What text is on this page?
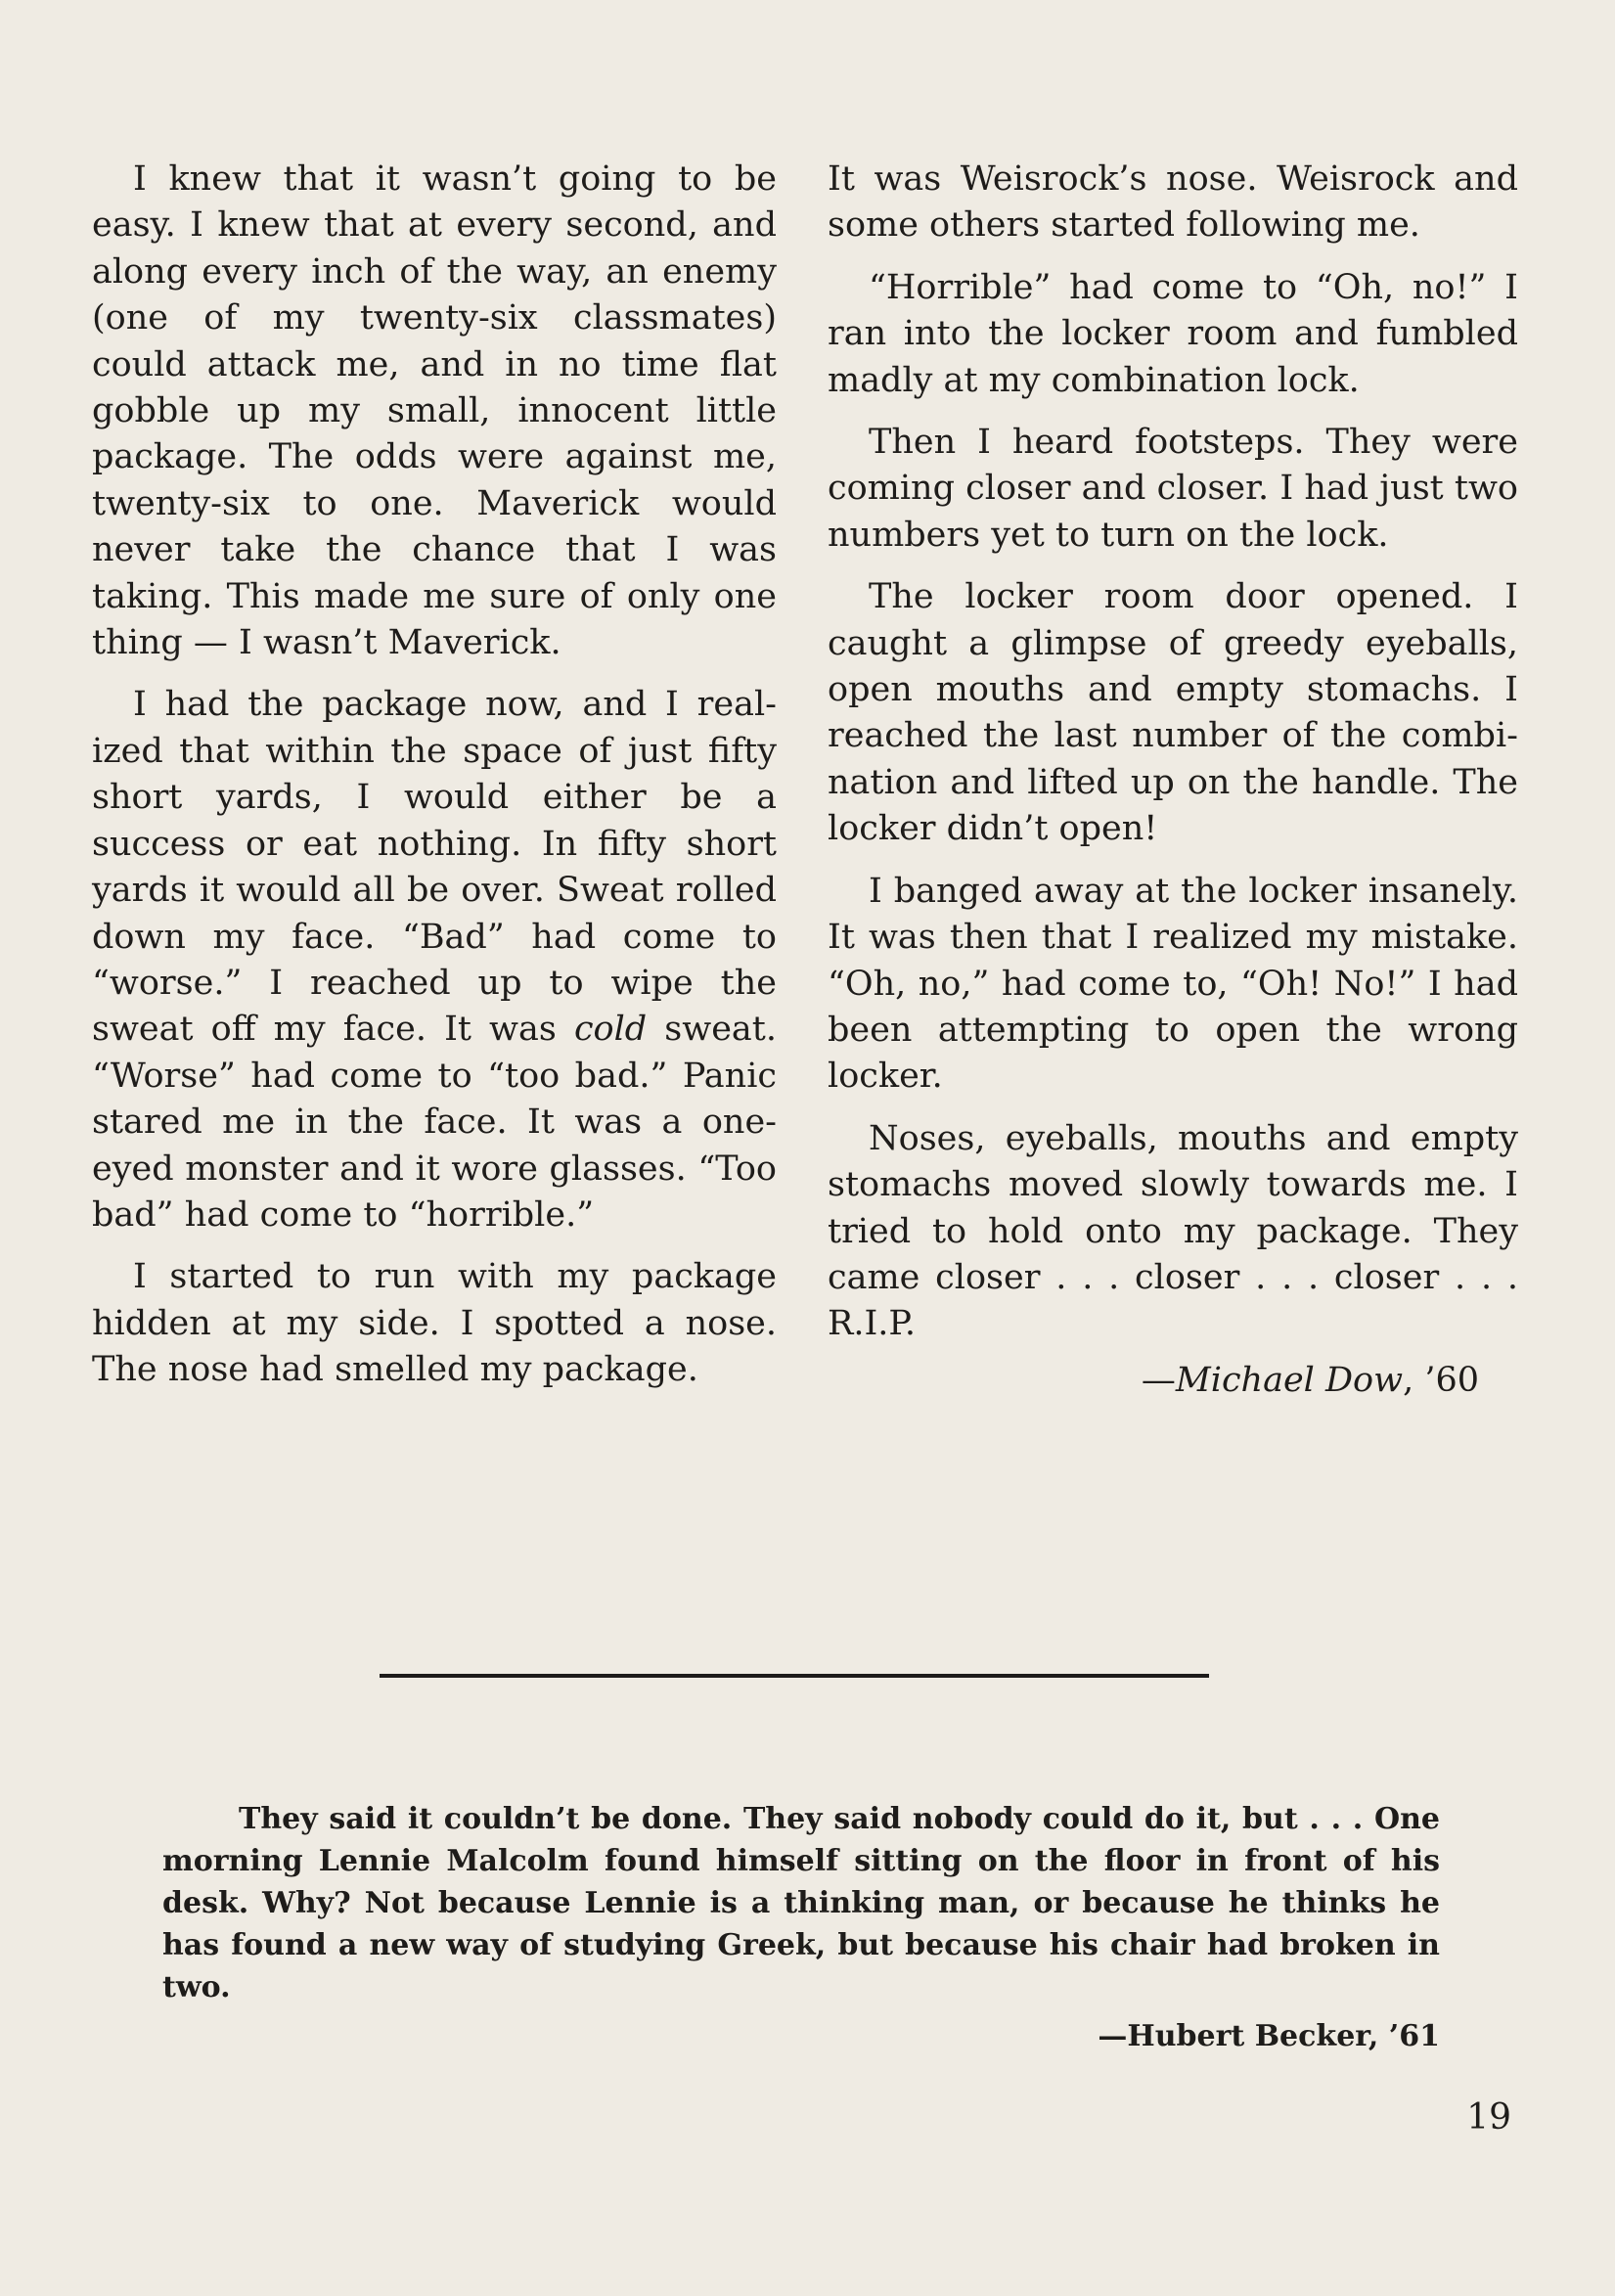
I knew that it wasn’t going to be easy. I knew that at every second, and along every inch of the way, an enemy (one of my twenty-six classmates) could attack me, and in no time flat gobble up my small, innocent little package. The odds were against me, twenty-six to one. Maverick would never take the chance that I was taking. This made me sure of only one thing — I wasn’t Maverick.

I had the package now, and I realized that within the space of just fifty short yards, I would either be a success or eat nothing. In fifty short yards it would all be over. Sweat rolled down my face. “Bad” had come to “worse.” I reached up to wipe the sweat off my face. It was cold sweat. “Worse” had come to “too bad.” Panic stared me in the face. It was a one-eyed monster and it wore glasses. “Too bad” had come to “horrible.”

I started to run with my package hidden at my side. I spotted a nose. The nose had smelled my package.

It was Weisrock’s nose. Weisrock and some others started following me.

“Horrible” had come to “Oh, no!” I ran into the locker room and fumbled madly at my combination lock.

Then I heard footsteps. They were coming closer and closer. I had just two numbers yet to turn on the lock.

The locker room door opened. I caught a glimpse of greedy eyeballs, open mouths and empty stomachs. I reached the last number of the combination and lifted up on the handle. The locker didn’t open!

I banged away at the locker insanely. It was then that I realized my mistake. “Oh, no,” had come to, “Oh! No!” I had been attempting to open the wrong locker.

Noses, eyeballs, mouths and empty stomachs moved slowly towards me. I tried to hold onto my package. They came closer . . . closer . . . closer . . . R.I.P.

—Michael Dow, ’60

They said it couldn’t be done. They said nobody could do it, but . . . One morning Lennie Malcolm found himself sitting on the floor in front of his desk. Why? Not because Lennie is a thinking man, or because he thinks he has found a new way of studying Greek, but because his chair had broken in two.

—Hubert Becker, ’61
19
